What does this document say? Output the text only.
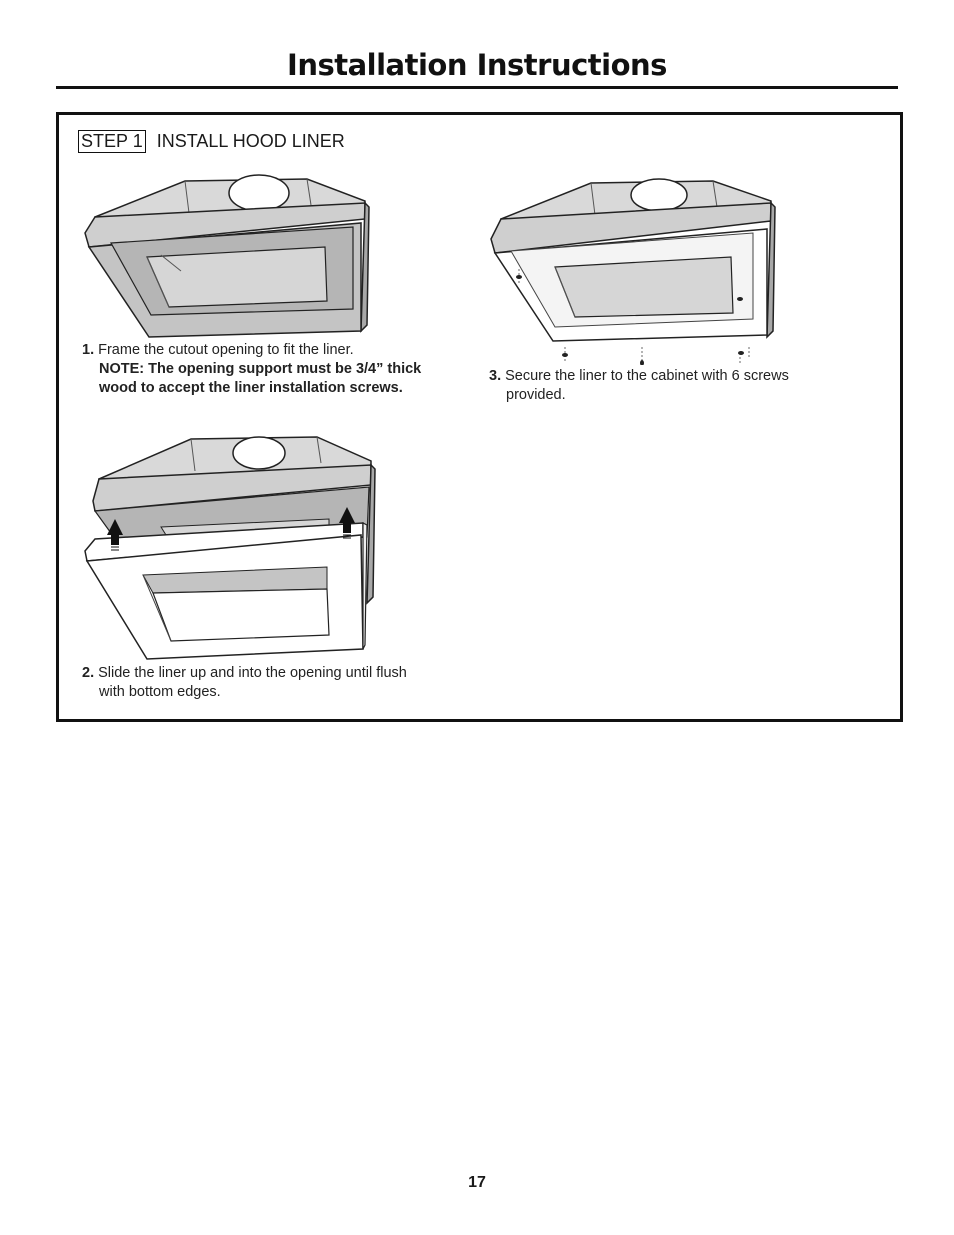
Installation Instructions
STEP 1 INSTALL HOOD LINER
1. Frame the cutout opening to fit the liner.
NOTE: The opening support must be 3/4” thick wood to accept the liner installation screws.
3. Secure the liner to the cabinet with 6 screws
provided.
2. Slide the liner up and into the opening until flush
with bottom edges.
17
